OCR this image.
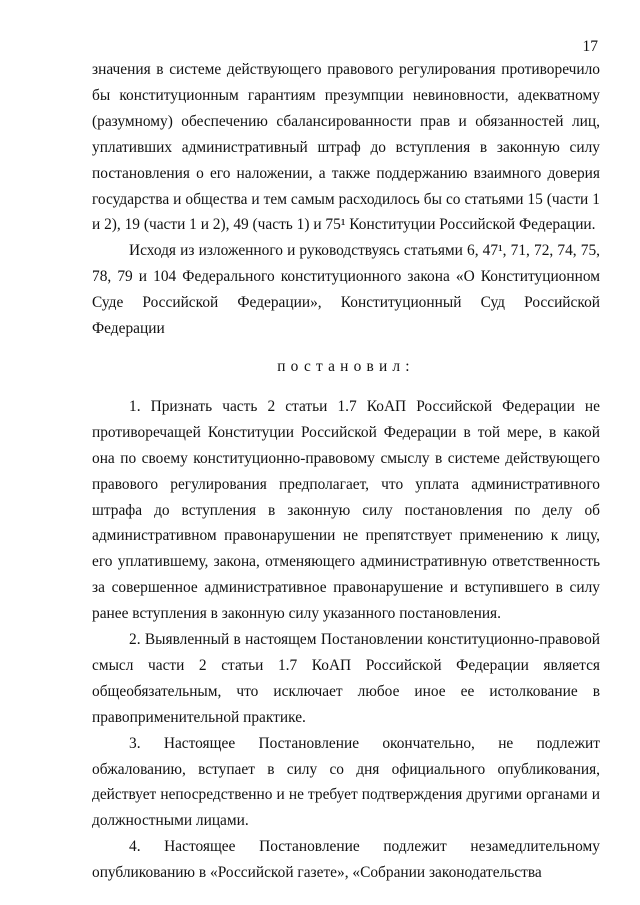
17

значения в системе действующего правового регулирования противоречило бы конституционным гарантиям презумпции невиновности, адекватному (разумному) обеспечению сбалансированности прав и обязанностей лиц, уплативших административный штраф до вступления в законную силу постановления о его наложении, а также поддержанию взаимного доверия государства и общества и тем самым расходилось бы со статьями 15 (части 1 и 2), 19 (части 1 и 2), 49 (часть 1) и 75¹ Конституции Российской Федерации.

Исходя из изложенного и руководствуясь статьями 6, 47¹, 71, 72, 74, 75, 78, 79 и 104 Федерального конституционного закона «О Конституционном Суде Российской Федерации», Конституционный Суд Российской Федерации

постановил:

1. Признать часть 2 статьи 1.7 КоАП Российской Федерации не противоречащей Конституции Российской Федерации в той мере, в какой она по своему конституционно-правовому смыслу в системе действующего правового регулирования предполагает, что уплата административного штрафа до вступления в законную силу постановления по делу об административном правонарушении не препятствует применению к лицу, его уплатившему, закона, отменяющего административную ответственность за совершенное административное правонарушение и вступившего в силу ранее вступления в законную силу указанного постановления.

2. Выявленный в настоящем Постановлении конституционно-правовой смысл части 2 статьи 1.7 КоАП Российской Федерации является общеобязательным, что исключает любое иное ее истолкование в правоприменительной практике.

3. Настоящее Постановление окончательно, не подлежит обжалованию, вступает в силу со дня официального опубликования, действует непосредственно и не требует подтверждения другими органами и должностными лицами.

4. Настоящее Постановление подлежит незамедлительному опубликованию в «Российской газете», «Собрании законодательства
